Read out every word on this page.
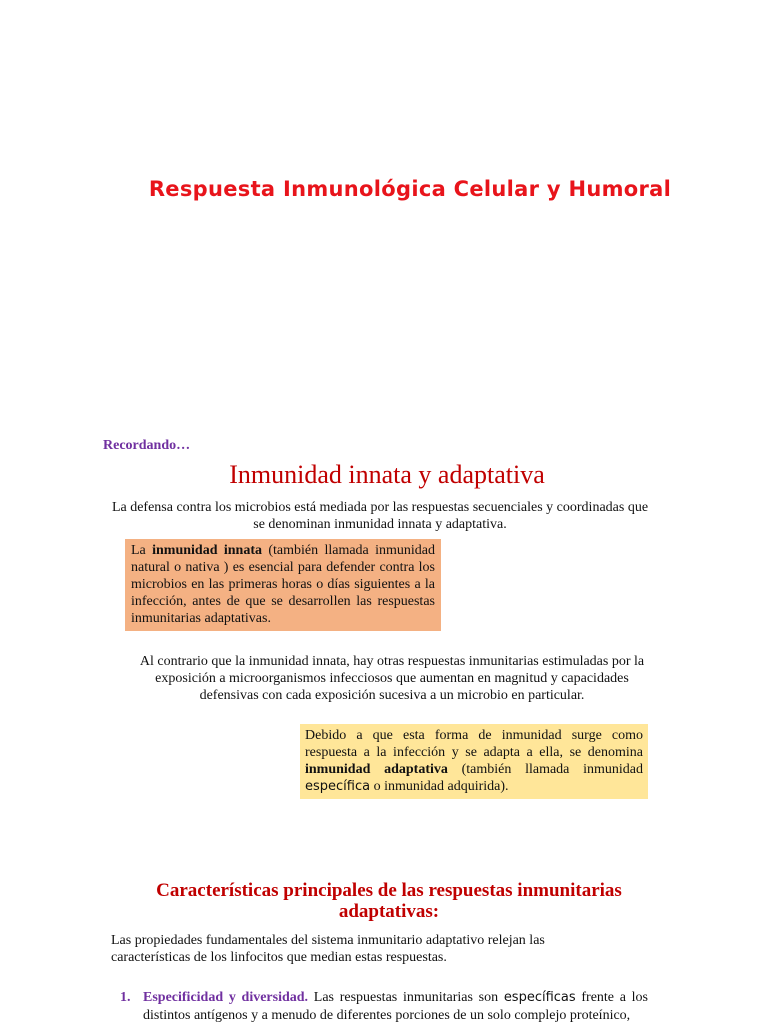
Respuesta Inmunológica Celular y Humoral

Recordando…

Inmunidad innata y adaptativa
La defensa contra los microbios está mediada por las respuestas secuenciales y coordinadas que
se denominan inmunidad innata y adaptativa.
La inmunidad innata (también llamada inmunidad natural o nativa ) es esencial para defender contra los microbios en las primeras horas o días siguientes a la infección, antes de que se desarrollen las respuestas inmunitarias adaptativas.
Al contrario que la inmunidad innata, hay otras respuestas inmunitarias estimuladas por la
exposición a microorganismos infecciosos que aumentan en magnitud y capacidades
defensivas con cada exposición sucesiva a un microbio en particular.
Debido a que esta forma de inmunidad surge como respuesta a la infección y se adapta a ella, se denomina inmunidad adaptativa (también llamada inmunidad específica o inmunidad adquirida).
Características principales de las respuestas inmunitarias
adaptativas:
Las propiedades fundamentales del sistema inmunitario adaptativo relejan las
características de los linfocitos que median estas respuestas.
1. Especificidad y diversidad. Las respuestas inmunitarias son específicas frente a los distintos antígenos y a menudo de diferentes porciones de un solo complejo proteínico,
